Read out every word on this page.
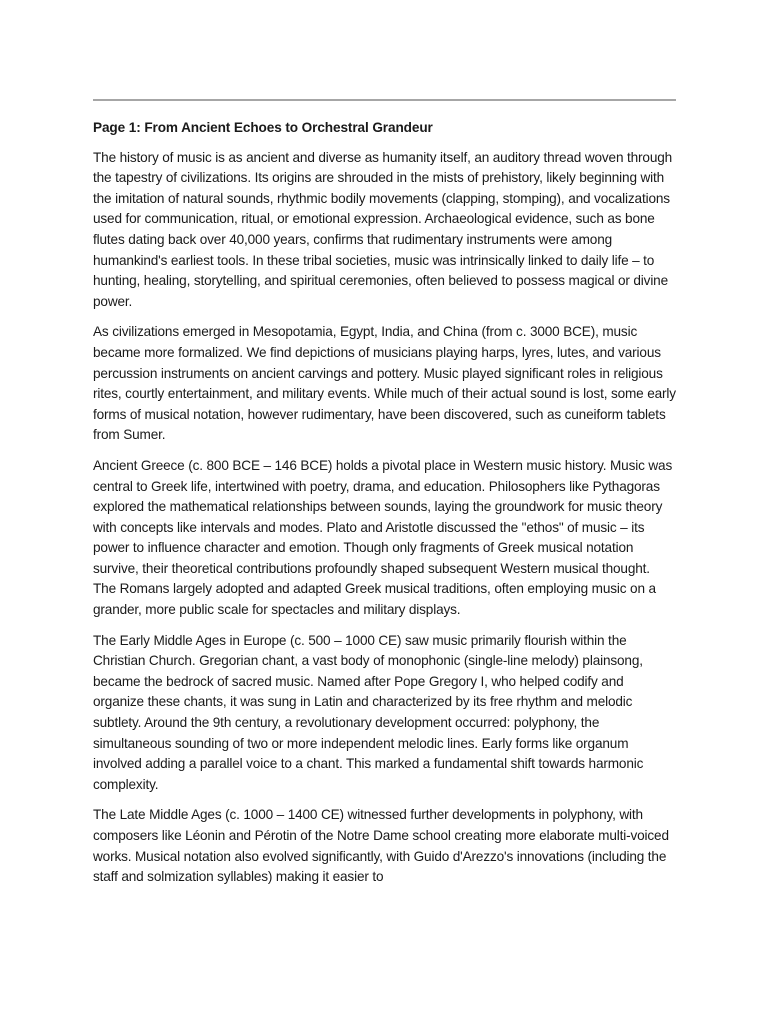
Page 1: From Ancient Echoes to Orchestral Grandeur

The history of music is as ancient and diverse as humanity itself, an auditory thread woven through the tapestry of civilizations. Its origins are shrouded in the mists of prehistory, likely beginning with the imitation of natural sounds, rhythmic bodily movements (clapping, stomping), and vocalizations used for communication, ritual, or emotional expression. Archaeological evidence, such as bone flutes dating back over 40,000 years, confirms that rudimentary instruments were among humankind's earliest tools. In these tribal societies, music was intrinsically linked to daily life – to hunting, healing, storytelling, and spiritual ceremonies, often believed to possess magical or divine power.

As civilizations emerged in Mesopotamia, Egypt, India, and China (from c. 3000 BCE), music became more formalized. We find depictions of musicians playing harps, lyres, lutes, and various percussion instruments on ancient carvings and pottery. Music played significant roles in religious rites, courtly entertainment, and military events. While much of their actual sound is lost, some early forms of musical notation, however rudimentary, have been discovered, such as cuneiform tablets from Sumer.

Ancient Greece (c. 800 BCE – 146 BCE) holds a pivotal place in Western music history. Music was central to Greek life, intertwined with poetry, drama, and education. Philosophers like Pythagoras explored the mathematical relationships between sounds, laying the groundwork for music theory with concepts like intervals and modes. Plato and Aristotle discussed the "ethos" of music – its power to influence character and emotion. Though only fragments of Greek musical notation survive, their theoretical contributions profoundly shaped subsequent Western musical thought. The Romans largely adopted and adapted Greek musical traditions, often employing music on a grander, more public scale for spectacles and military displays.

The Early Middle Ages in Europe (c. 500 – 1000 CE) saw music primarily flourish within the Christian Church. Gregorian chant, a vast body of monophonic (single-line melody) plainsong, became the bedrock of sacred music. Named after Pope Gregory I, who helped codify and organize these chants, it was sung in Latin and characterized by its free rhythm and melodic subtlety. Around the 9th century, a revolutionary development occurred: polyphony, the simultaneous sounding of two or more independent melodic lines. Early forms like organum involved adding a parallel voice to a chant. This marked a fundamental shift towards harmonic complexity.

The Late Middle Ages (c. 1000 – 1400 CE) witnessed further developments in polyphony, with composers like Léonin and Pérotin of the Notre Dame school creating more elaborate multi-voiced works. Musical notation also evolved significantly, with Guido d'Arezzo's innovations (including the staff and solmization syllables) making it easier to
